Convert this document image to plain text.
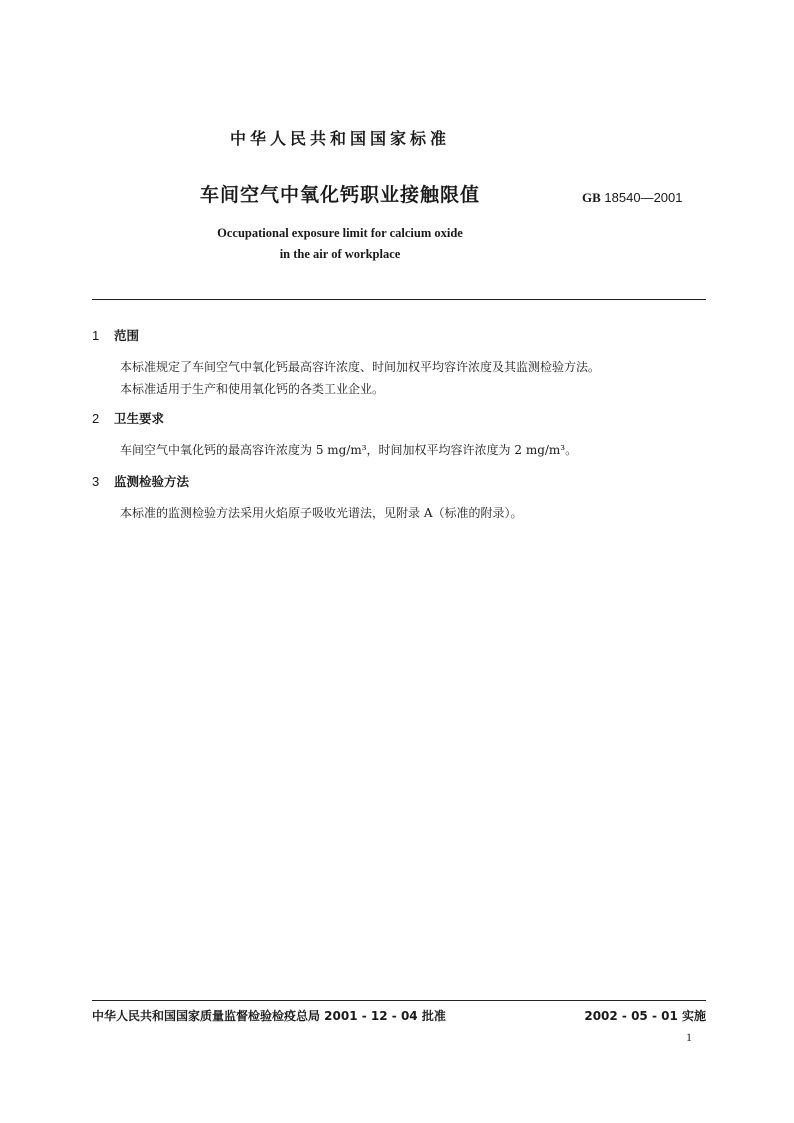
中华人民共和国国家标准
车间空气中氧化钙职业接触限值	GB 18540—2001
Occupational exposure limit for calcium oxide
in the air of workplace
1 范围
本标准规定了车间空气中氧化钙最高容许浓度、时间加权平均容许浓度及其监测检验方法。
本标准适用于生产和使用氧化钙的各类工业企业。
2 卫生要求
车间空气中氧化钙的最高容许浓度为 5 mg/m³，时间加权平均容许浓度为 2 mg/m³。
3 监测检验方法
本标准的监测检验方法采用火焰原子吸收光谱法，见附录 A（标准的附录）。
中华人民共和国国家质量监督检验检疫总局 2001 - 12 - 04 批准	2002 - 05 - 01 实施
1
